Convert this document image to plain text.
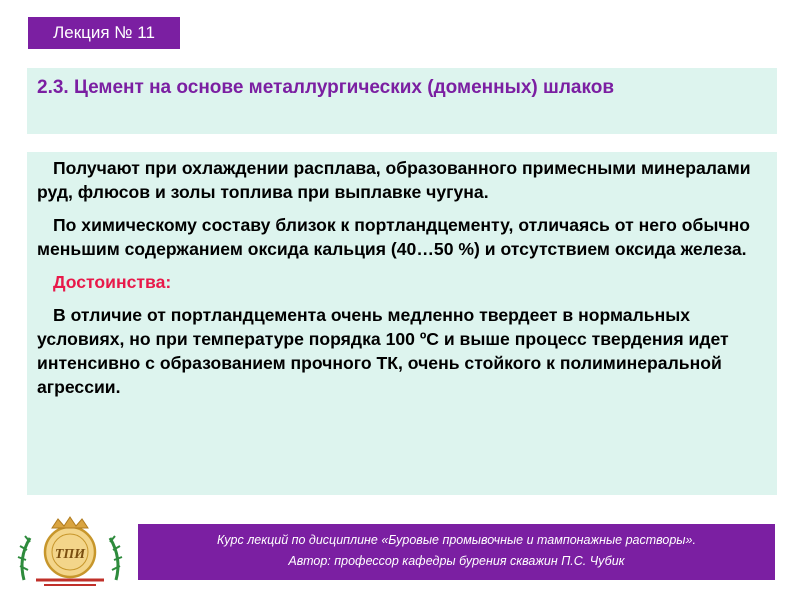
Лекция № 11
2.3. Цемент на основе металлургических (доменных) шлаков

Получают при охлаждении расплава, образованного примесными минералами руд, флюсов и золы топлива при выплавке чугуна.

По химическому составу близок к портландцементу, отличаясь от него обычно меньшим содержанием оксида кальция (40…50 %) и отсутствием оксида железа.

Достоинства:

В отличие от портландцемента очень медленно твердеет в нормальных условиях, но при температуре порядка 100 ºС и выше процесс твердения идет интенсивно с образованием прочного ТК, очень стойкого к полиминеральной агрессии.

ТПИ
Курс лекций по дисциплине «Буровые промывочные и тампонажные растворы».
Автор: профессор кафедры бурения скважин П.С. Чубик
